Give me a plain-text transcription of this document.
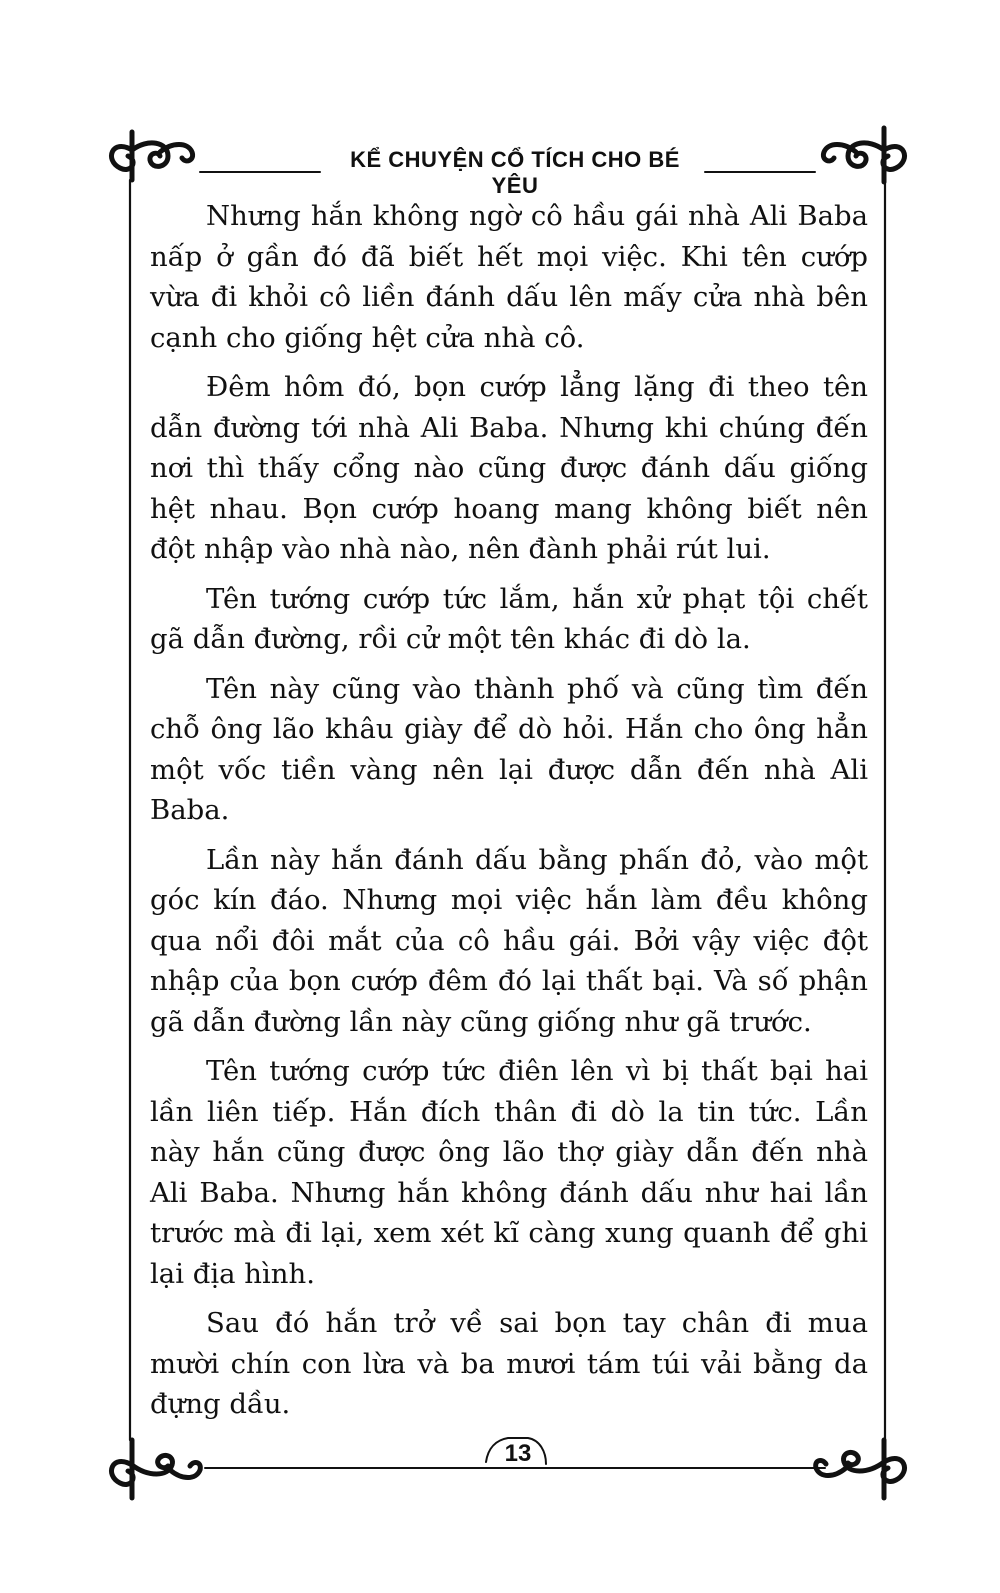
KỂ CHUYỆN CỔ TÍCH CHO BÉ YÊU

Nhưng hắn không ngờ cô hầu gái nhà Ali Baba nấp ở gần đó đã biết hết mọi việc. Khi tên cướp vừa đi khỏi cô liền đánh dấu lên mấy cửa nhà bên cạnh cho giống hệt cửa nhà cô.

Đêm hôm đó, bọn cướp lẳng lặng đi theo tên dẫn đường tới nhà Ali Baba. Nhưng khi chúng đến nơi thì thấy cổng nào cũng được đánh dấu giống hệt nhau. Bọn cướp hoang mang không biết nên đột nhập vào nhà nào, nên đành phải rút lui.

Tên tướng cướp tức lắm, hắn xử phạt tội chết gã dẫn đường, rồi cử một tên khác đi dò la.

Tên này cũng vào thành phố và cũng tìm đến chỗ ông lão khâu giày để dò hỏi. Hắn cho ông hẳn một vốc tiền vàng nên lại được dẫn đến nhà Ali Baba.

Lần này hắn đánh dấu bằng phấn đỏ, vào một góc kín đáo. Nhưng mọi việc hắn làm đều không qua nổi đôi mắt của cô hầu gái. Bởi vậy việc đột nhập của bọn cướp đêm đó lại thất bại. Và số phận gã dẫn đường lần này cũng giống như gã trước.

Tên tướng cướp tức điên lên vì bị thất bại hai lần liên tiếp. Hắn đích thân đi dò la tin tức. Lần này hắn cũng được ông lão thợ giày dẫn đến nhà Ali Baba. Nhưng hắn không đánh dấu như hai lần trước mà đi lại, xem xét kĩ càng xung quanh để ghi lại địa hình.

Sau đó hắn trở về sai bọn tay chân đi mua mười chín con lừa và ba mươi tám túi vải bằng da đựng dầu.

13
